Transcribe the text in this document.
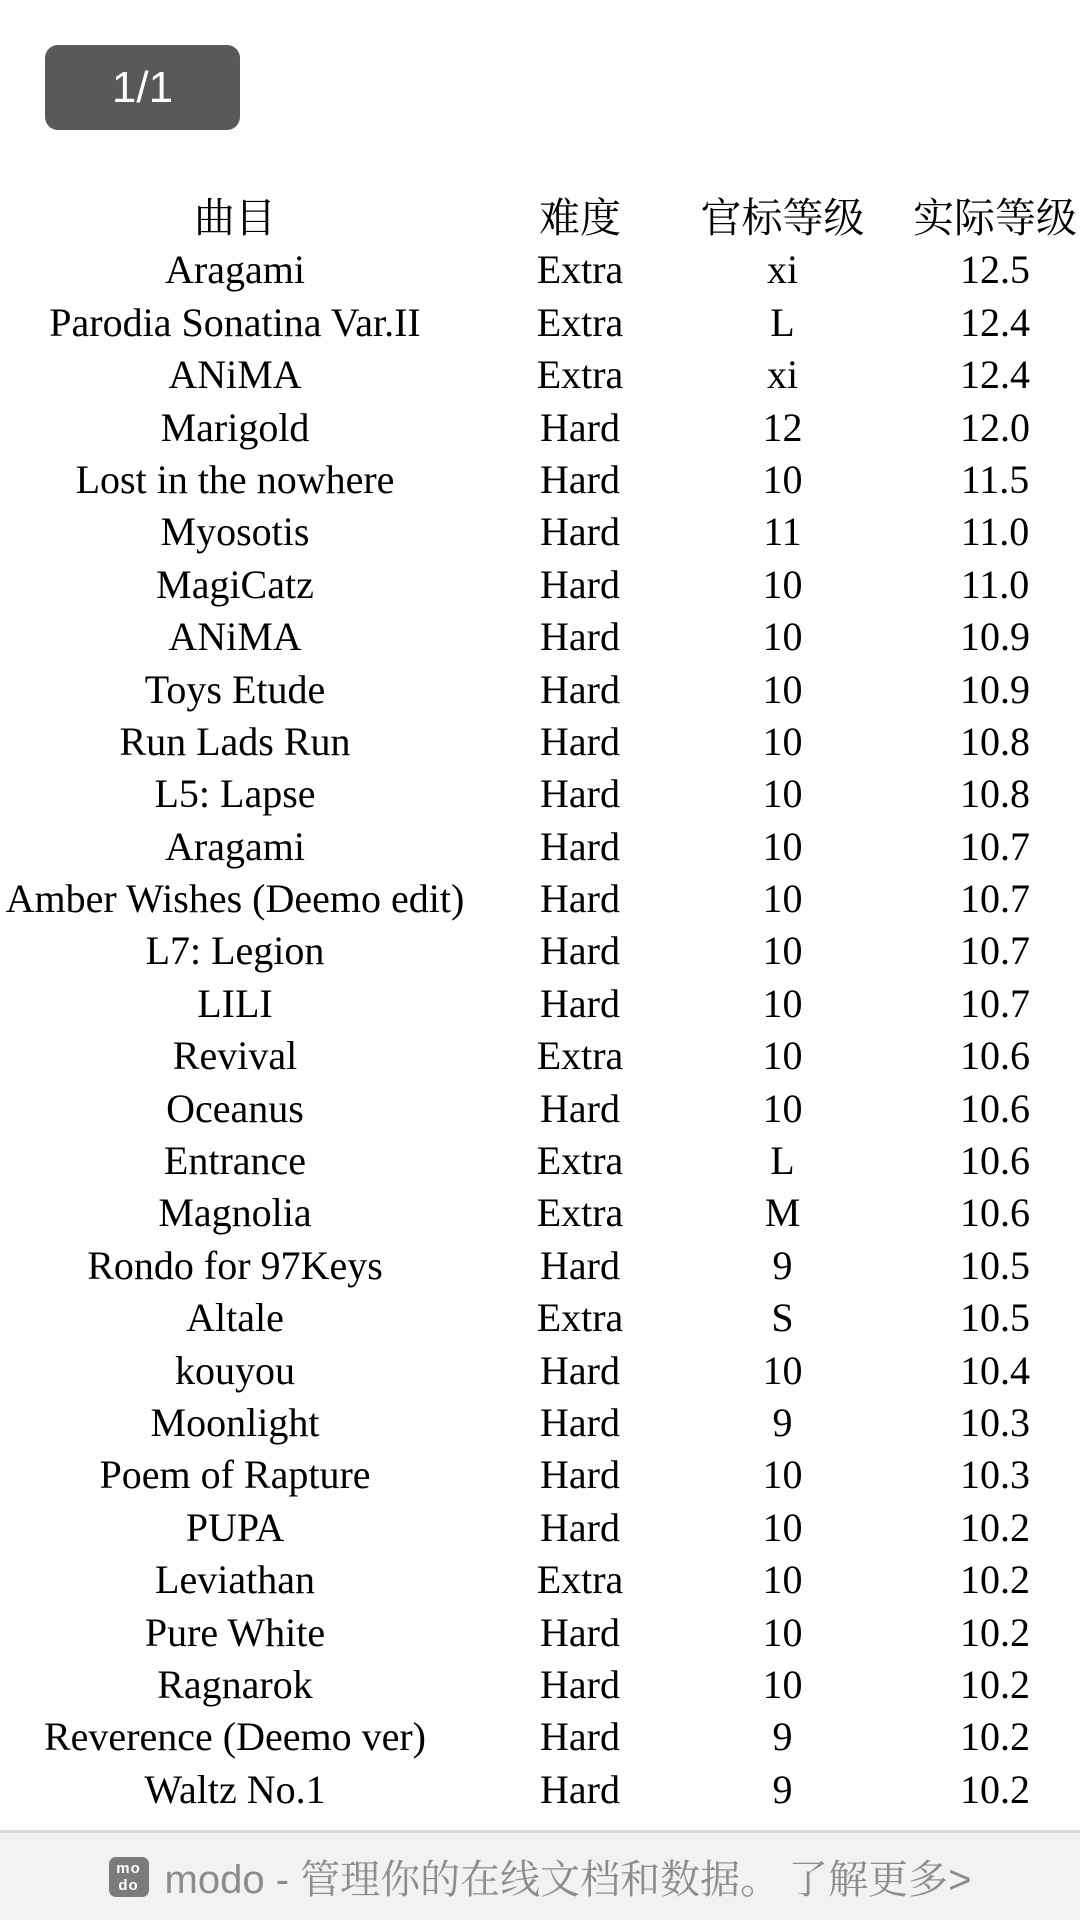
1/1
曲目	难度	官标等级	实际等级
Aragami	Extra	xi	12.5
Parodia Sonatina Var.II	Extra	L	12.4
ANiMA	Extra	xi	12.4
Marigold	Hard	12	12.0
Lost in the nowhere	Hard	10	11.5
Myosotis	Hard	11	11.0
MagiCatz	Hard	10	11.0
ANiMA	Hard	10	10.9
Toys Etude	Hard	10	10.9
Run Lads Run	Hard	10	10.8
L5: Lapse	Hard	10	10.8
Aragami	Hard	10	10.7
Amber Wishes (Deemo edit)	Hard	10	10.7
L7: Legion	Hard	10	10.7
LILI	Hard	10	10.7
Revival	Extra	10	10.6
Oceanus	Hard	10	10.6
Entrance	Extra	L	10.6
Magnolia	Extra	M	10.6
Rondo for 97Keys	Hard	9	10.5
Altale	Extra	S	10.5
kouyou	Hard	10	10.4
Moonlight	Hard	9	10.3
Poem of Rapture	Hard	10	10.3
PUPA	Hard	10	10.2
Leviathan	Extra	10	10.2
Pure White	Hard	10	10.2
Ragnarok	Hard	10	10.2
Reverence (Deemo ver)	Hard	9	10.2
Waltz No.1	Hard	9	10.2
mo
do modo - 管理你的在线文档和数据。 了解更多>
